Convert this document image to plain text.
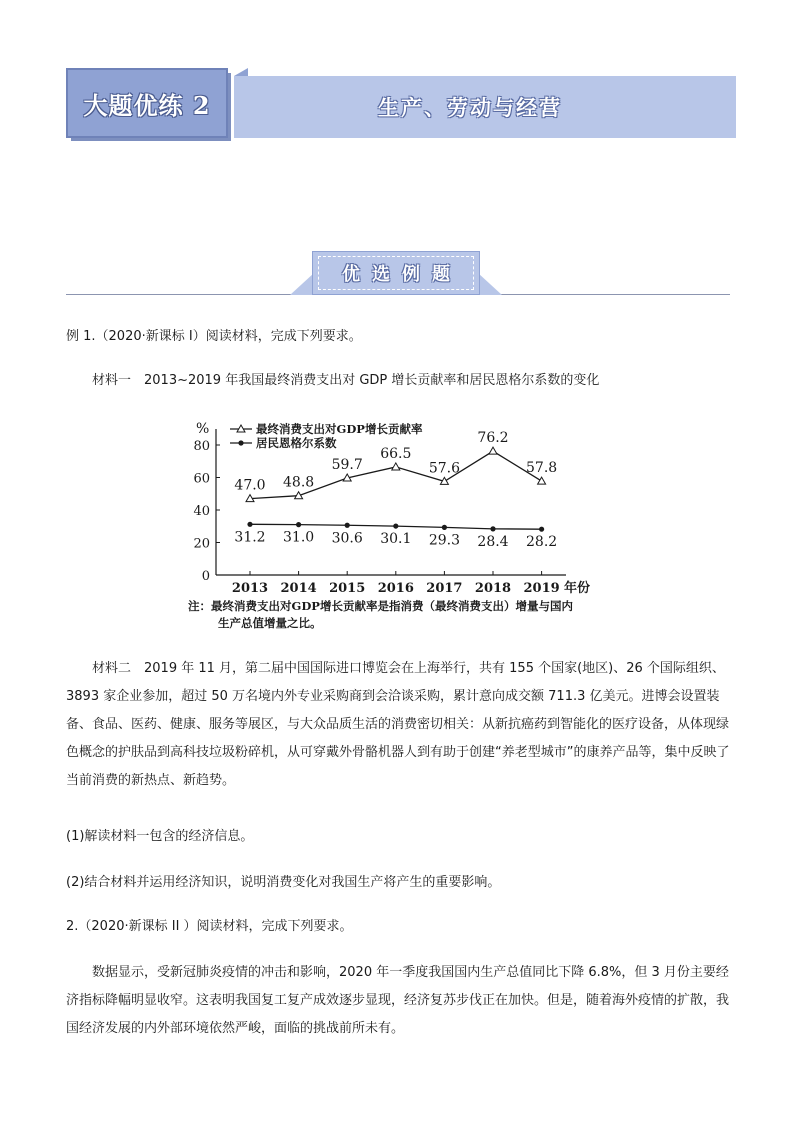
大题优练 2	生产、劳动与经营
优选例题

例 1.（2020·新课标 I）阅读材料，完成下列要求。

材料一　2013~2019 年我国最终消费支出对 GDP 增长贡献率和居民恩格尔系数的变化

%
0
20
40
60
80
2013 2014 2015 2016 2017 2018 2019 年份
47.0 48.8
59.7
66.5
57.6
76.2
57.8
31.2 31.0 30.6 30.1 29.3 28.4 28.2
最终消费支出对GDP增长贡献率
居民恩格尔系数
注：最终消费支出对GDP增长贡献率是指消费（最终消费支出）增量与国内
生产总值增量之比。

材料二　2019 年 11 月，第二届中国国际进口博览会在上海举行，共有 155 个国家(地区)、26 个国际组织、3893 家企业参加，超过 50 万名境内外专业采购商到会洽谈采购，累计意向成交额 711.3 亿美元。进博会设置装备、食品、医药、健康、服务等展区，与大众品质生活的消费密切相关：从新抗癌药到智能化的医疗设备，从体现绿色概念的护肤品到高科技垃圾粉碎机，从可穿戴外骨骼机器人到有助于创建“养老型城市”的康养产品等，集中反映了当前消费的新热点、新趋势。

(1)解读材料一包含的经济信息。

(2)结合材料并运用经济知识，说明消费变化对我国生产将产生的重要影响。

2.（2020·新课标 II ）阅读材料，完成下列要求。

数据显示，受新冠肺炎疫情的冲击和影响，2020 年一季度我国国内生产总值同比下降 6.8%，但 3 月份主要经济指标降幅明显收窄。这表明我国复工复产成效逐步显现，经济复苏步伐正在加快。但是，随着海外疫情的扩散，我国经济发展的内外部环境依然严峻，面临的挑战前所未有。
